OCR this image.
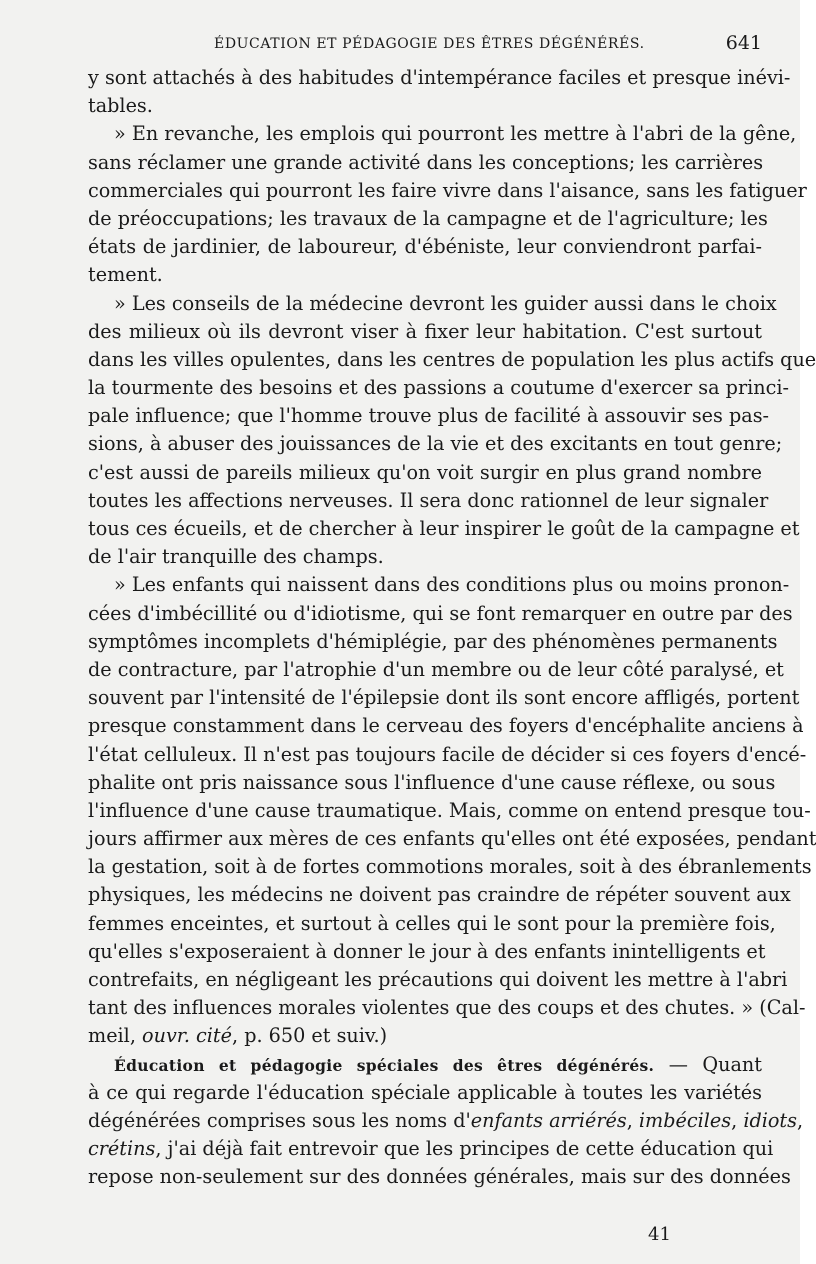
ÉDUCATION ET PÉDAGOGIE DES ÊTRES DÉGÉNÉRÉS.	641
y sont attachés à des habitudes d'intempérance faciles et presque inévi-
tables.
» En revanche, les emplois qui pourront les mettre à l'abri de la gêne,
sans réclamer une grande activité dans les conceptions; les carrières
commerciales qui pourront les faire vivre dans l'aisance, sans les fatiguer
de préoccupations; les travaux de la campagne et de l'agriculture; les
états de jardinier, de laboureur, d'ébéniste, leur conviendront parfai-
tement.
» Les conseils de la médecine devront les guider aussi dans le choix
des milieux où ils devront viser à fixer leur habitation. C'est surtout
dans les villes opulentes, dans les centres de population les plus actifs que
la tourmente des besoins et des passions a coutume d'exercer sa princi-
pale influence; que l'homme trouve plus de facilité à assouvir ses pas-
sions, à abuser des jouissances de la vie et des excitants en tout genre;
c'est aussi de pareils milieux qu'on voit surgir en plus grand nombre
toutes les affections nerveuses. Il sera donc rationnel de leur signaler
tous ces écueils, et de chercher à leur inspirer le goût de la campagne et
de l'air tranquille des champs.
» Les enfants qui naissent dans des conditions plus ou moins pronon-
cées d'imbécillité ou d'idiotisme, qui se font remarquer en outre par des
symptômes incomplets d'hémiplégie, par des phénomènes permanents
de contracture, par l'atrophie d'un membre ou de leur côté paralysé, et
souvent par l'intensité de l'épilepsie dont ils sont encore affligés, portent
presque constamment dans le cerveau des foyers d'encéphalite anciens à
l'état celluleux. Il n'est pas toujours facile de décider si ces foyers d'encé-
phalite ont pris naissance sous l'influence d'une cause réflexe, ou sous
l'influence d'une cause traumatique. Mais, comme on entend presque tou-
jours affirmer aux mères de ces enfants qu'elles ont été exposées, pendant
la gestation, soit à de fortes commotions morales, soit à des ébranlements
physiques, les médecins ne doivent pas craindre de répéter souvent aux
femmes enceintes, et surtout à celles qui le sont pour la première fois,
qu'elles s'exposeraient à donner le jour à des enfants inintelligents et
contrefaits, en négligeant les précautions qui doivent les mettre à l'abri
tant des influences morales violentes que des coups et des chutes. » (Cal-
meil, ouvr. cité, p. 650 et suiv.)
Éducation et pédagogie spéciales des êtres dégénérés. — Quant
à ce qui regarde l'éducation spéciale applicable à toutes les variétés
dégénérées comprises sous les noms d'enfants arriérés, imbéciles, idiots,
crétins, j'ai déjà fait entrevoir que les principes de cette éducation qui
repose non-seulement sur des données générales, mais sur des données
41
